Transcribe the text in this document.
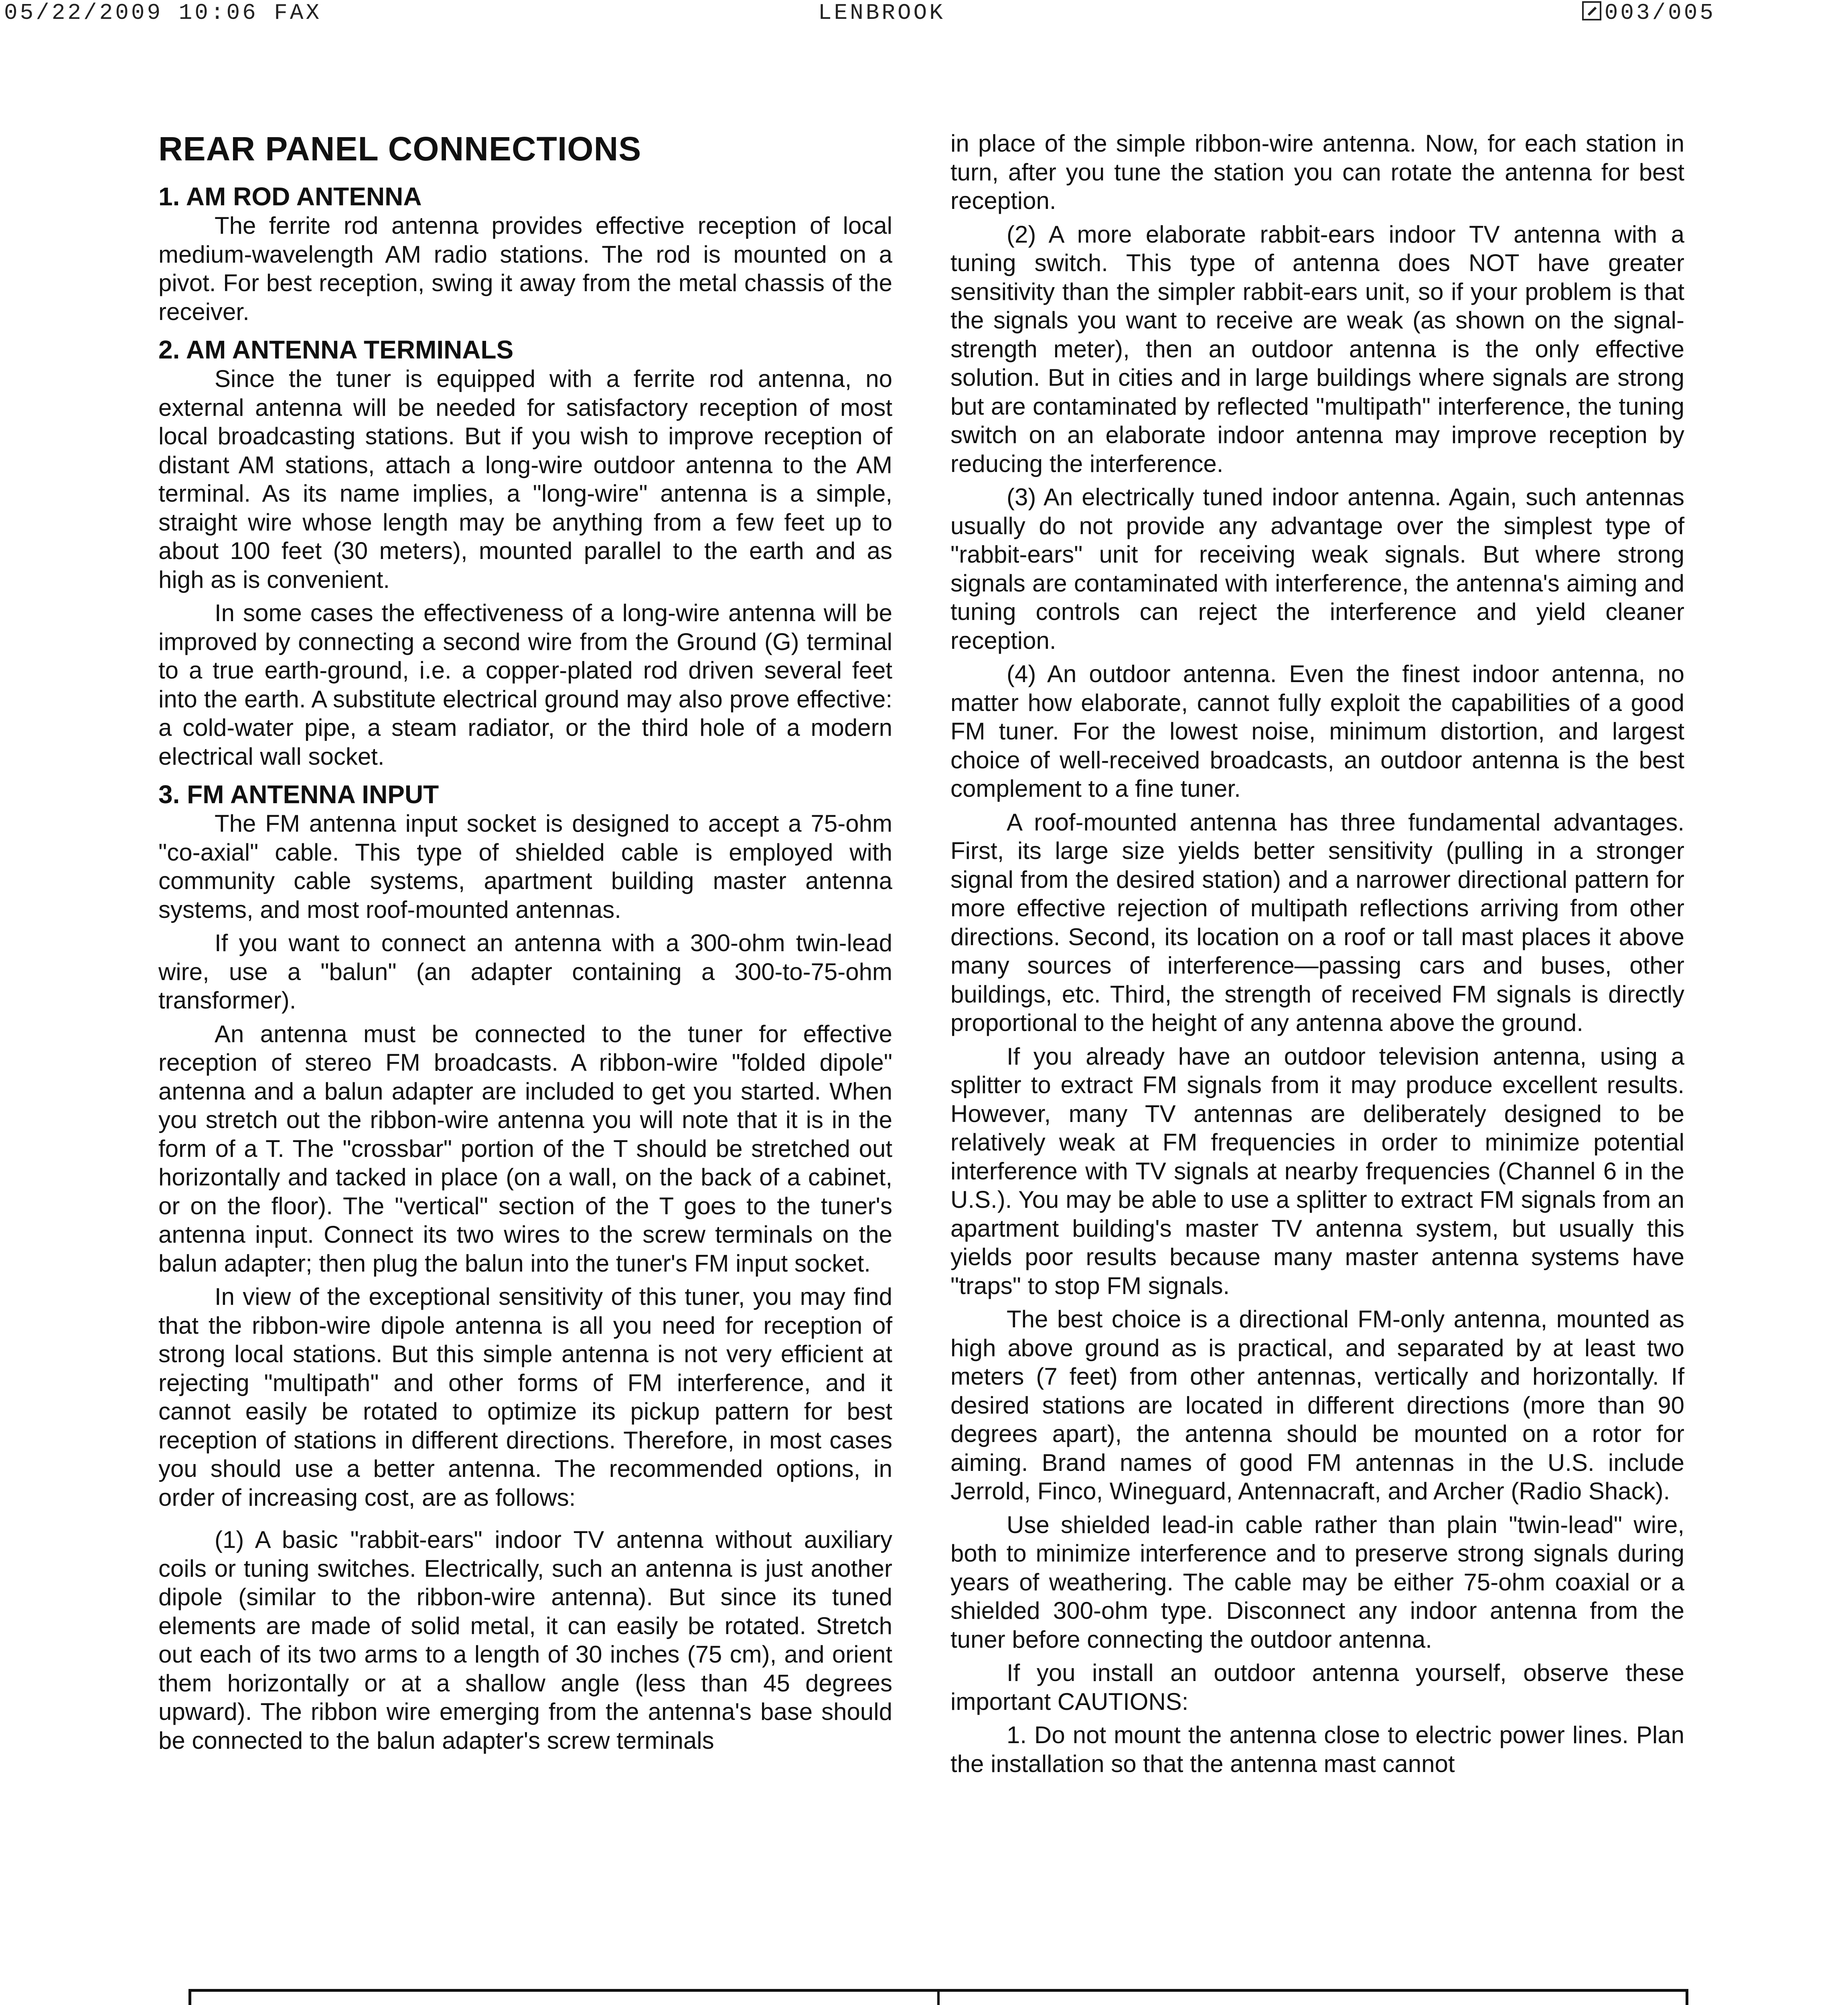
05/22/2009 10:06 FAX	LENBROOK	003/005
REAR PANEL CONNECTIONS
1. AM ROD ANTENNA

The ferrite rod antenna provides effective reception of local medium-wavelength AM radio stations. The rod is mounted on a pivot. For best reception, swing it away from the metal chassis of the receiver.

2. AM ANTENNA TERMINALS

Since the tuner is equipped with a ferrite rod antenna, no external antenna will be needed for satisfactory reception of most local broadcasting stations. But if you wish to improve reception of distant AM stations, attach a long-wire outdoor antenna to the AM terminal. As its name implies, a "long-wire" antenna is a simple, straight wire whose length may be anything from a few feet up to about 100 feet (30 meters), mounted parallel to the earth and as high as is convenient.

In some cases the effectiveness of a long-wire antenna will be improved by connecting a second wire from the Ground (G) terminal to a true earth-ground, i.e. a copper-plated rod driven several feet into the earth. A substitute electrical ground may also prove effective: a cold-water pipe, a steam radiator, or the third hole of a modern electrical wall socket.

3. FM ANTENNA INPUT

The FM antenna input socket is designed to accept a 75-ohm "co-axial" cable. This type of shielded cable is employed with community cable systems, apartment building master antenna systems, and most roof-mounted antennas.

If you want to connect an antenna with a 300-ohm twin-lead wire, use a "balun" (an adapter containing a 300-to-75-ohm transformer).

An antenna must be connected to the tuner for effective reception of stereo FM broadcasts. A ribbon-wire "folded dipole" antenna and a balun adapter are included to get you started. When you stretch out the ribbon-wire antenna you will note that it is in the form of a T. The "crossbar" portion of the T should be stretched out horizontally and tacked in place (on a wall, on the back of a cabinet, or on the floor). The "vertical" section of the T goes to the tuner's antenna input. Connect its two wires to the screw terminals on the balun adapter; then plug the balun into the tuner's FM input socket.

In view of the exceptional sensitivity of this tuner, you may find that the ribbon-wire dipole antenna is all you need for reception of strong local stations. But this simple antenna is not very efficient at rejecting "multipath" and other forms of FM interference, and it cannot easily be rotated to optimize its pickup pattern for best reception of stations in different directions. Therefore, in most cases you should use a better antenna. The recommended options, in order of increasing cost, are as follows:

(1) A basic "rabbit-ears" indoor TV antenna without auxiliary coils or tuning switches. Electrically, such an antenna is just another dipole (similar to the ribbon-wire antenna). But since its tuned elements are made of solid metal, it can easily be rotated. Stretch out each of its two arms to a length of 30 inches (75 cm), and orient them horizontally or at a shallow angle (less than 45 degrees upward). The ribbon wire emerging from the antenna's base should be connected to the balun adapter's screw terminals

in place of the simple ribbon-wire antenna. Now, for each station in turn, after you tune the station you can rotate the antenna for best reception.

(2) A more elaborate rabbit-ears indoor TV antenna with a tuning switch. This type of antenna does NOT have greater sensitivity than the simpler rabbit-ears unit, so if your problem is that the signals you want to receive are weak (as shown on the signal-strength meter), then an outdoor antenna is the only effective solution. But in cities and in large buildings where signals are strong but are contaminated by reflected "multipath" interference, the tuning switch on an elaborate indoor antenna may improve reception by reducing the interference.

(3) An electrically tuned indoor antenna. Again, such antennas usually do not provide any advantage over the simplest type of "rabbit-ears" unit for receiving weak signals. But where strong signals are contaminated with interference, the antenna's aiming and tuning controls can reject the interference and yield cleaner reception.

(4) An outdoor antenna. Even the finest indoor antenna, no matter how elaborate, cannot fully exploit the capabilities of a good FM tuner. For the lowest noise, minimum distortion, and largest choice of well-received broadcasts, an outdoor antenna is the best complement to a fine tuner.

A roof-mounted antenna has three fundamental advantages. First, its large size yields better sensitivity (pulling in a stronger signal from the desired station) and a narrower directional pattern for more effective rejection of multipath reflections arriving from other directions. Second, its location on a roof or tall mast places it above many sources of interference—passing cars and buses, other buildings, etc. Third, the strength of received FM signals is directly proportional to the height of any antenna above the ground.

If you already have an outdoor television antenna, using a splitter to extract FM signals from it may produce excellent results. However, many TV antennas are deliberately designed to be relatively weak at FM frequencies in order to minimize potential interference with TV signals at nearby frequencies (Channel 6 in the U.S.). You may be able to use a splitter to extract FM signals from an apartment building's master TV antenna system, but usually this yields poor results because many master antenna systems have "traps" to stop FM signals.

The best choice is a directional FM-only antenna, mounted as high above ground as is practical, and separated by at least two meters (7 feet) from other antennas, vertically and horizontally. If desired stations are located in different directions (more than 90 degrees apart), the antenna should be mounted on a rotor for aiming. Brand names of good FM antennas in the U.S. include Jerrold, Finco, Wineguard, Antennacraft, and Archer (Radio Shack).

Use shielded lead-in cable rather than plain "twin-lead" wire, both to minimize interference and to preserve strong signals during years of weathering. The cable may be either 75-ohm coaxial or a shielded 300-ohm type. Disconnect any indoor antenna from the tuner before connecting the outdoor antenna.

If you install an outdoor antenna yourself, observe these important CAUTIONS:

1. Do not mount the antenna close to electric power lines. Plan the installation so that the antenna mast cannot
